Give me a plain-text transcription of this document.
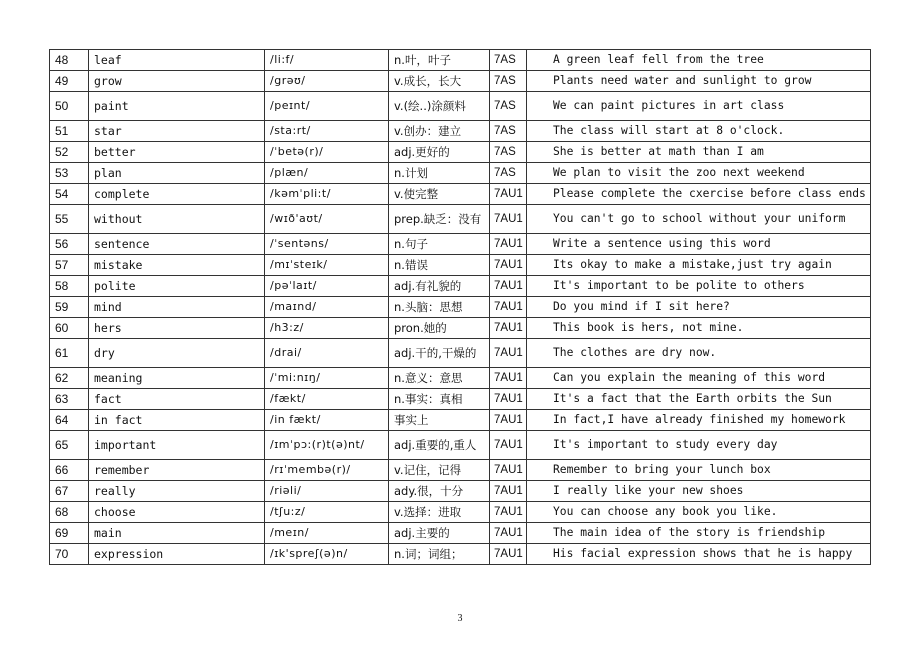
48	leaf	/li:f/	n.叶，叶子	7AS	A green leaf fell from the tree
49	grow	/grəʊ/	v.成长，长大	7AS	Plants need water and sunlight to grow
50	paint	/peɪnt/	v.(绘..)涂颜料	7AS	We can paint pictures in art class
51	star	/sta:rt/	v.创办：建立	7AS	The class will start at 8 o'clock.
52	better	/ˈbetə(r)/	adj.更好的	7AS	She is better at math than I am
53	plan	/plæn/	n.计划	7AS	We plan to visit the zoo next weekend
54	complete	/kəmˈpli:t/	v.使完整	7AU1	Please complete the cxercise before class ends
55	without	/wɪð'aʊt/	prep.缺乏：没有	7AU1	You can't go to school without your uniform
56	sentence	/ˈsentəns/	n.句子	7AU1	Write a sentence using this word
57	mistake	/mɪˈsteɪk/	n.错误	7AU1	Its okay to make a mistake,just try again
58	polite	/pəˈlaɪt/	adj.有礼貌的	7AU1	It's important to be polite to others
59	mind	/maɪnd/	n.头脑：思想	7AU1	Do you mind if I sit here?
60	hers	/h3:z/	pron.她的	7AU1	This book is hers, not mine.
61	dry	/drai/	adj.干的,干燥的	7AU1	The clothes are dry now.
62	meaning	/ˈmi:nɪŋ/	n.意义：意思	7AU1	Can you explain the meaning of this word
63	fact	/fækt/	n.事实：真相	7AU1	It's a fact that the Earth orbits the Sun
64	in fact	/in fækt/	事实上	7AU1	In fact,I have already finished my homework
65	important	/ɪmˈpɔ:(r)t(ə)nt/	adj.重要的,重人	7AU1	It's important to study every day
66	remember	/rɪˈmembə(r)/	v.记住，记得	7AU1	Remember to bring your lunch box
67	really	/riəli/	ady.很，十分	7AU1	I really like your new shoes
68	choose	/tʃu:z/	v.选择：进取	7AU1	You can choose any book you like.
69	main	/meɪn/	adj.主要的	7AU1	The main idea of the story is friendship
70	expression	/ɪk'spreʃ(ə)n/	n.词；词组；	7AU1	His facial expression shows that he is happy
3
